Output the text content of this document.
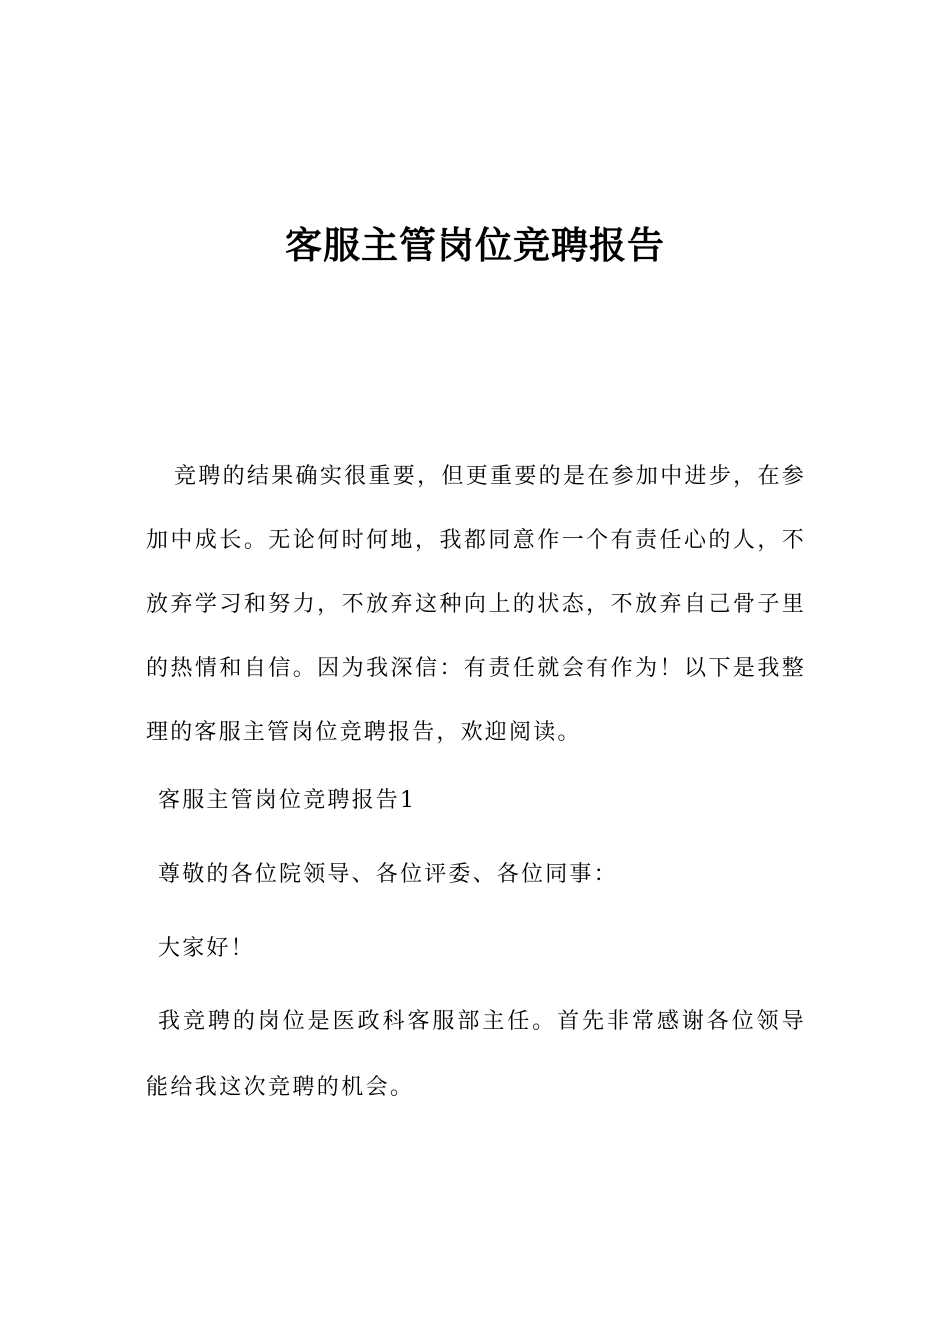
客服主管岗位竞聘报告

竞聘的结果确实很重要，但更重要的是在参加中进步，在参加中成长。无论何时何地，我都同意作一个有责任心的人，不放弃学习和努力，不放弃这种向上的状态，不放弃自己骨子里的热情和自信。因为我深信：有责任就会有作为！以下是我整理的客服主管岗位竞聘报告，欢迎阅读。

客服主管岗位竞聘报告1

尊敬的各位院领导、各位评委、各位同事：

大家好！

我竞聘的岗位是医政科客服部主任。首先非常感谢各位领导能给我这次竞聘的机会。
